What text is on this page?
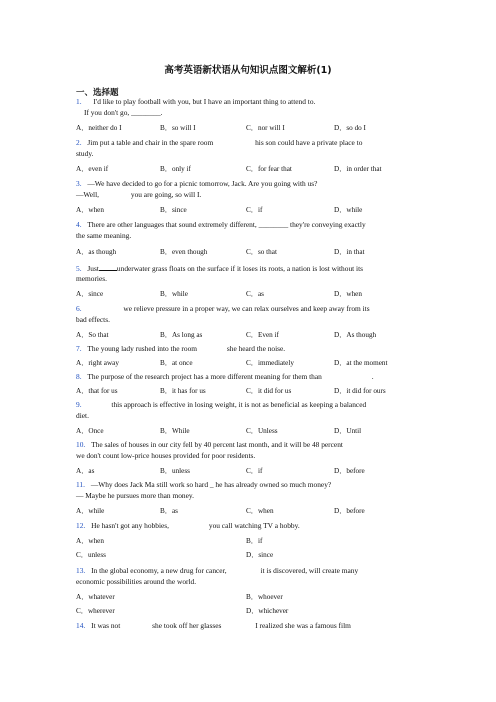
高考英语新状语从句知识点图文解析(1)
一、选择题
1. I'd like to play football with you, but I have an important thing to attend to.
If you don't go, ________.
A．neither do I	B．so will I	C．nor will I	D．so do I
2. Jim put a table and chair in the spare room	his son could have a private place to
study.
A．even if	B．only if	C．for fear that	D．in order that
3. —We have decided to go for a picnic tomorrow, Jack. Are you going with us?
—Well,	you are going, so will I.
A．when	B．since	C．if	D．while
4. There are other languages that sound extremely different, ________ they're conveying exactly
the same meaning.
A．as though	B．even though	C．so that	D．in that
5. Just underwater grass floats on the surface if it loses its roots, a nation is lost without its
memories.
A．since	B．while	C．as	D．when
6.	we relieve pressure in a proper way, we can relax ourselves and keep away from its
bad effects.
A．So that	B．As long as	C．Even if	D．As though
7. The young lady rushed into the room	she heard the noise.
A．right away	B．at once	C．immediately	D．at the moment
8. The purpose of the research project has a more different meaning for them than	.
A．that for us	B．it has for us	C．it did for us	D．it did for ours
9.	this approach is effective in losing weight, it is not as beneficial as keeping a balanced
diet.
A．Once	B．While	C．Unless	D．Until
10. The sales of houses in our city fell by 40 percent last month, and it will be 48 percent
we don't count low-price houses provided for poor residents.
A．as	B．unless	C．if	D．before
11. —Why does Jack Ma still work so hard _ he has already owned so much money?
— Maybe he pursues more than money.
A．while	B．as	C．when	D．before
12. He hasn't got any hobbies,	you call watching TV a hobby.
A．when	B．if
C．unless	D．since
13. In the global economy, a new drug for cancer,	it is discovered, will create many
economic possibilities around the world.
A．whatever	B．whoever
C．wherever	D．whichever
14. It was not	she took off her glasses	I realized she was a famous film
